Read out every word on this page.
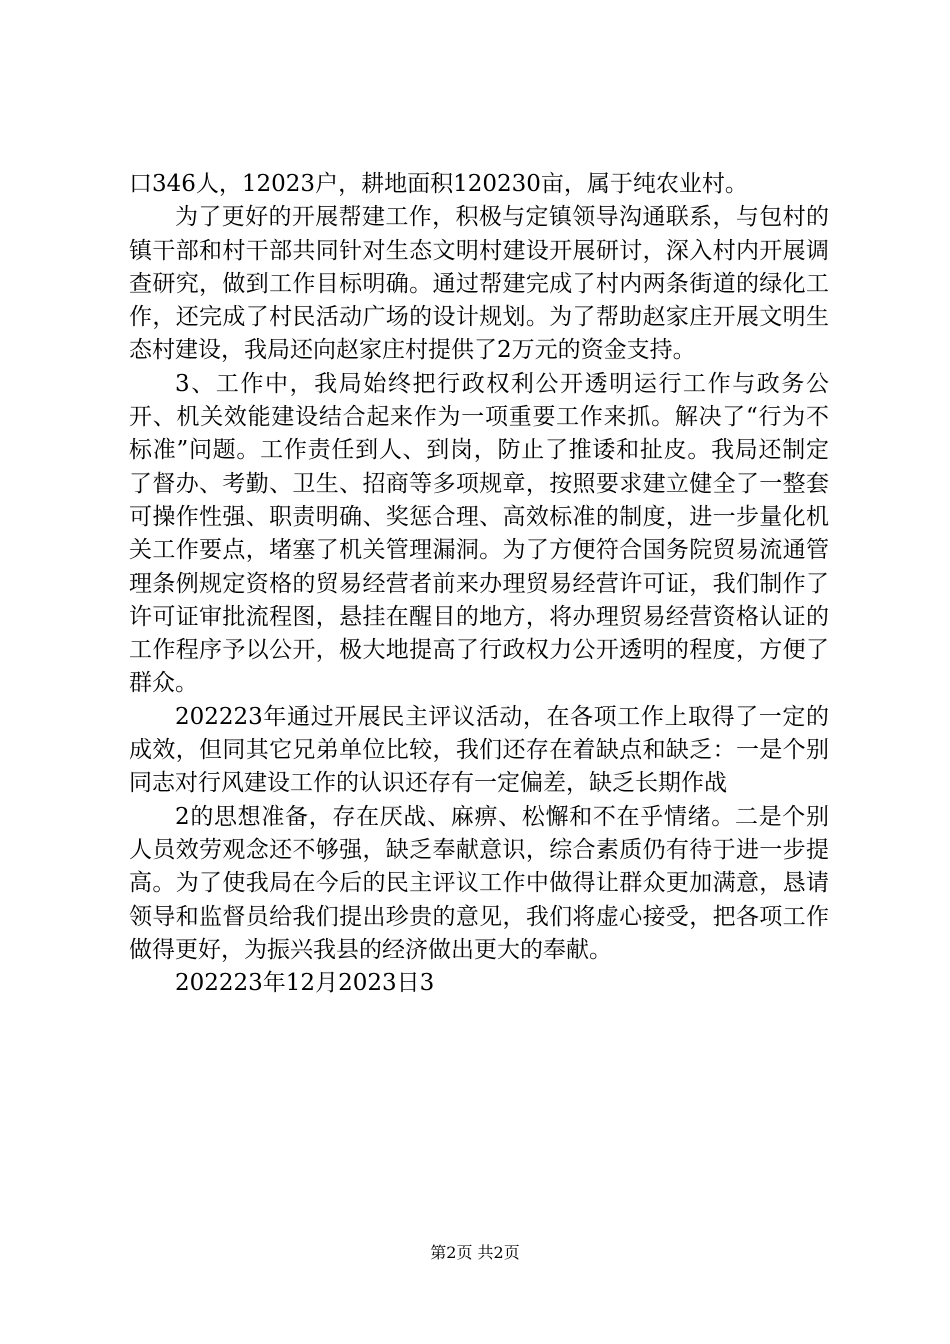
口346人，12023户，耕地面积120230亩，属于纯农业村。

为了更好的开展帮建工作，积极与定镇领导沟通联系，与包村的镇干部和村干部共同针对生态文明村建设开展研讨，深入村内开展调查研究，做到工作目标明确。通过帮建完成了村内两条街道的绿化工作，还完成了村民活动广场的设计规划。为了帮助赵家庄开展文明生态村建设，我局还向赵家庄村提供了2万元的资金支持。

3、工作中，我局始终把行政权利公开透明运行工作与政务公开、机关效能建设结合起来作为一项重要工作来抓。解决了“行为不标准”问题。工作责任到人、到岗，防止了推诿和扯皮。我局还制定了督办、考勤、卫生、招商等多项规章，按照要求建立健全了一整套可操作性强、职责明确、奖惩合理、高效标准的制度，进一步量化机关工作要点，堵塞了机关管理漏洞。为了方便符合国务院贸易流通管理条例规定资格的贸易经营者前来办理贸易经营许可证，我们制作了许可证审批流程图，悬挂在醒目的地方，将办理贸易经营资格认证的工作程序予以公开，极大地提高了行政权力公开透明的程度，方便了群众。

202223年通过开展民主评议活动，在各项工作上取得了一定的成效，但同其它兄弟单位比较，我们还存在着缺点和缺乏：一是个别同志对行风建设工作的认识还存有一定偏差，缺乏长期作战

2的思想准备，存在厌战、麻痹、松懈和不在乎情绪。二是个别人员效劳观念还不够强，缺乏奉献意识，综合素质仍有待于进一步提高。为了使我局在今后的民主评议工作中做得让群众更加满意，恳请领导和监督员给我们提出珍贵的意见，我们将虚心接受，把各项工作做得更好，为振兴我县的经济做出更大的奉献。

202223年12月2023日3

第2页 共2页
